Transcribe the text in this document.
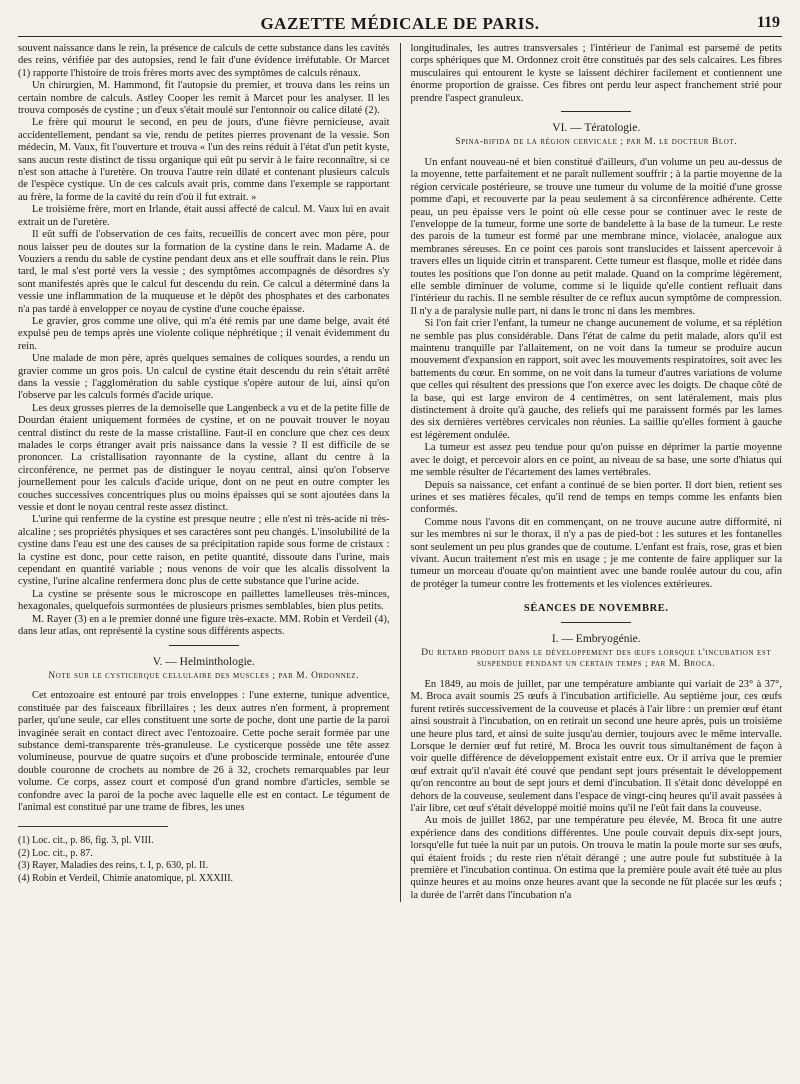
GAZETTE MÉDICALE DE PARIS.	119

souvent naissance dans le rein, la présence de calculs de cette substance dans les cavités des reins, vérifiée par des autopsies, rend le fait d'une évidence irréfutable. Or Marcet (1) rapporte l'histoire de trois frères morts avec des symptômes de calculs rénaux.

Un chirurgien, M. Hammond, fit l'autopsie du premier, et trouva dans les reins un certain nombre de calculs. Astley Cooper les remit à Marcet pour les analyser. Il les trouva composés de cystine ; un d'eux s'était moulé sur l'entonnoir ou calice dilaté (2).

Le frère qui mourut le second, en peu de jours, d'une fièvre pernicieuse, avait accidentellement, pendant sa vie, rendu de petites pierres provenant de la vessie. Son médecin, M. Vaux, fit l'ouverture et trouva « l'un des reins réduit à l'état d'un petit kyste, sans aucun reste distinct de tissu organique qui eût pu servir à le faire reconnaître, si ce n'est son attache à l'uretère. On trouva l'autre rein dilaté et contenant plusieurs calculs de l'espèce cystique. Un de ces calculs avait pris, comme dans l'exemple se rapportant au frère, la forme de la cavité du rein d'où il fut extrait. »

Le troisième frère, mort en Irlande, était aussi affecté de calcul. M. Vaux lui en avait extrait un de l'uretère.

Il eût suffi de l'observation de ces faits, recueillis de concert avec mon père, pour nous laisser peu de doutes sur la formation de la cystine dans le rein. Madame A. de Vouziers a rendu du sable de cystine pendant deux ans et elle souffrait dans le rein. Plus tard, le mal s'est porté vers la vessie ; des symptômes accompagnés de désordres s'y sont manifestés après que le calcul fut descendu du rein. Ce calcul a déterminé dans la vessie une inflammation de la muqueuse et le dépôt des phosphates et des carbonates n'a pas tardé à envelopper ce noyau de cystine d'une couche épaisse.

Le gravier, gros comme une olive, qui m'a été remis par une dame belge, avait été expulsé peu de temps après une violente colique néphrétique ; il venait évidemment du rein.

Une malade de mon père, après quelques semaines de coliques sourdes, a rendu un gravier comme un gros pois. Un calcul de cystine était descendu du rein s'était arrêté dans la vessie ; l'agglomération du sable cystique s'opère autour de lui, ainsi qu'on l'observe par les calculs formés d'acide urique.

Les deux grosses pierres de la demoiselle que Langenbeck a vu et de la petite fille de Dourdan étaient uniquement formées de cystine, et on ne pouvait trouver le noyau central distinct du reste de la masse cristalline. Faut-il en conclure que chez ces deux malades le corps étranger avait pris naissance dans la vessie ? Il est difficile de se prononcer. La cristallisation rayonnante de la cystine, allant du centre à la circonférence, ne permet pas de distinguer le noyau central, ainsi qu'on l'observe journellement pour les calculs d'acide urique, dont on ne peut en outre compter les couches successives concentriques plus ou moins épaisses qui se sont ajoutées dans la vessie et dont le noyau central reste assez distinct.

L'urine qui renferme de la cystine est presque neutre ; elle n'est ni très-acide ni très-alcaline ; ses propriétés physiques et ses caractères sont peu changés. L'insolubilité de la cystine dans l'eau est une des causes de sa précipitation rapide sous forme de cristaux : la cystine est donc, pour cette raison, en petite quantité, dissoute dans l'urine, mais cependant en quantité variable ; nous venons de voir que les alcalis dissolvent la cystine, l'urine alcaline renfermera donc plus de cette substance que l'urine acide.

La cystine se présente sous le microscope en paillettes lamelleuses très-minces, hexagonales, quelquefois surmontées de plusieurs prismes semblables, bien plus petits.

M. Rayer (3) en a le premier donné une figure très-exacte. MM. Robin et Verdeil (4), dans leur atlas, ont représenté la cystine sous différents aspects.

V. — Helminthologie.
Note sur le cysticerque cellulaire des muscles ; par M. Ordonnez.

Cet entozoaire est entouré par trois enveloppes : l'une externe, tunique adventice, constituée par des faisceaux fibrillaires ; les deux autres n'en forment, à proprement parler, qu'une seule, car elles constituent une sorte de poche, dont une partie de la paroi invaginée serait en contact direct avec l'entozoaire. Cette poche serait formée par une substance demi-transparente très-granuleuse. Le cysticerque possède une tête assez volumineuse, pourvue de quatre suçoirs et d'une proboscide terminale, entourée d'une double couronne de crochets au nombre de 26 à 32, crochets remarquables par leur volume. Ce corps, assez court et composé d'un grand nombre d'articles, semble se confondre avec la paroi de la poche avec laquelle elle est en contact. Le tégument de l'animal est constitué par une trame de fibres, les unes

(1) Loc. cit., p. 86, fig. 3, pl. VIII.
(2) Loc. cit., p. 87.
(3) Rayer, Maladies des reins, t. I, p. 630, pl. II.
(4) Robin et Verdeil, Chimie anatomique, pl. XXXIII.

longitudinales, les autres transversales ; l'intérieur de l'animal est parsemé de petits corps sphériques que M. Ordonnez croit être constitués par des sels calcaires. Les fibres musculaires qui entourent le kyste se laissent déchirer facilement et contiennent une énorme proportion de graisse. Ces fibres ont perdu leur aspect franchement strié pour prendre l'aspect granuleux.

VI. — Tératologie.
Spina-bifida de la région cervicale ; par M. le docteur Blot.

Un enfant nouveau-né et bien constitué d'ailleurs, d'un volume un peu au-dessus de la moyenne, tette parfaitement et ne paraît nullement souffrir ; à la partie moyenne de la région cervicale postérieure, se trouve une tumeur du volume de la moitié d'une grosse pomme d'api, et recouverte par la peau seulement à sa circonférence adhérente. Cette peau, un peu épaisse vers le point où elle cesse pour se continuer avec le reste de l'enveloppe de la tumeur, forme une sorte de bandelette à la base de la tumeur. Le reste des parois de la tumeur est formé par une membrane mince, violacée, analogue aux membranes séreuses. En ce point ces parois sont translucides et laissent apercevoir à travers elles un liquide citrin et transparent. Cette tumeur est flasque, molle et ridée dans toutes les positions que l'on donne au petit malade. Quand on la comprime légèrement, elle semble diminuer de volume, comme si le liquide qu'elle contient refluait dans l'intérieur du rachis. Il ne semble résulter de ce reflux aucun symptôme de compression. Il n'y a de paralysie nulle part, ni dans le tronc ni dans les membres.

Si l'on fait crier l'enfant, la tumeur ne change aucunement de volume, et sa réplétion ne semble pas plus considérable. Dans l'état de calme du petit malade, alors qu'il est maintenu tranquille par l'allaitement, on ne voit dans la tumeur se produire aucun mouvement d'expansion en rapport, soit avec les mouvements respiratoires, soit avec les battements du cœur. En somme, on ne voit dans la tumeur d'autres variations de volume que celles qui résultent des pressions que l'on exerce avec les doigts. De chaque côté de la base, qui est large environ de 4 centimètres, on sent latéralement, mais plus distinctement à droite qu'à gauche, des reliefs qui me paraissent formés par les lames des six dernières vertèbres cervicales non réunies. La saillie qu'elles forment à gauche est légèrement ondulée.

La tumeur est assez peu tendue pour qu'on puisse en déprimer la partie moyenne avec le doigt, et percevoir alors en ce point, au niveau de sa base, une sorte d'hiatus qui me semble résulter de l'écartement des lames vertébrales.

Depuis sa naissance, cet enfant a continué de se bien porter. Il dort bien, retient ses urines et ses matières fécales, qu'il rend de temps en temps comme les enfants bien conformés.

Comme nous l'avons dit en commençant, on ne trouve aucune autre difformité, ni sur les membres ni sur le thorax, il n'y a pas de pied-bot : les sutures et les fontanelles sont seulement un peu plus grandes que de coutume. L'enfant est frais, rose, gras et bien vivant. Aucun traitement n'est mis en usage ; je me contente de faire appliquer sur la tumeur un morceau d'ouate qu'on maintient avec une bande roulée autour du cou, afin de protéger la tumeur contre les frottements et les violences extérieures.

SÉANCES DE NOVEMBRE.
I. — Embryogénie.
Du retard produit dans le développement des œufs lorsque l'incubation est suspendue pendant un certain temps ; par M. Broca.

En 1849, au mois de juillet, par une température ambiante qui variait de 23° à 37°, M. Broca avait soumis 25 œufs à l'incubation artificielle. Au septième jour, ces œufs furent retirés successivement de la couveuse et placés à l'air libre : un premier œuf étant ainsi soustrait à l'incubation, on en retirait un second une heure après, puis un troisième une heure plus tard, et ainsi de suite jusqu'au dernier, toujours avec le même intervalle. Lorsque le dernier œuf fut retiré, M. Broca les ouvrit tous simultanément de façon à voir quelle différence de développement existait entre eux. Or il arriva que le premier œuf extrait qu'il n'avait été couvé que pendant sept jours présentait le développement qu'on rencontre au bout de sept jours et demi d'incubation. Il s'était donc développé en dehors de la couveuse, seulement dans l'espace de vingt-cinq heures qu'il avait passées à l'air libre, cet œuf s'était développé moitié moins qu'il ne l'eût fait dans la couveuse.

Au mois de juillet 1862, par une température peu élevée, M. Broca fit une autre expérience dans des conditions différentes. Une poule couvait depuis dix-sept jours, lorsqu'elle fut tuée la nuit par un putois. On trouva le matin la poule morte sur ses œufs, qui étaient froids ; du reste rien n'était dérangé ; une autre poule fut substituée à la première et l'incubation continua. On estima que la première poule avait été tuée au plus quinze heures et au moins onze heures avant que la seconde ne fût placée sur les œufs ; la durée de l'arrêt dans l'incubation n'a
